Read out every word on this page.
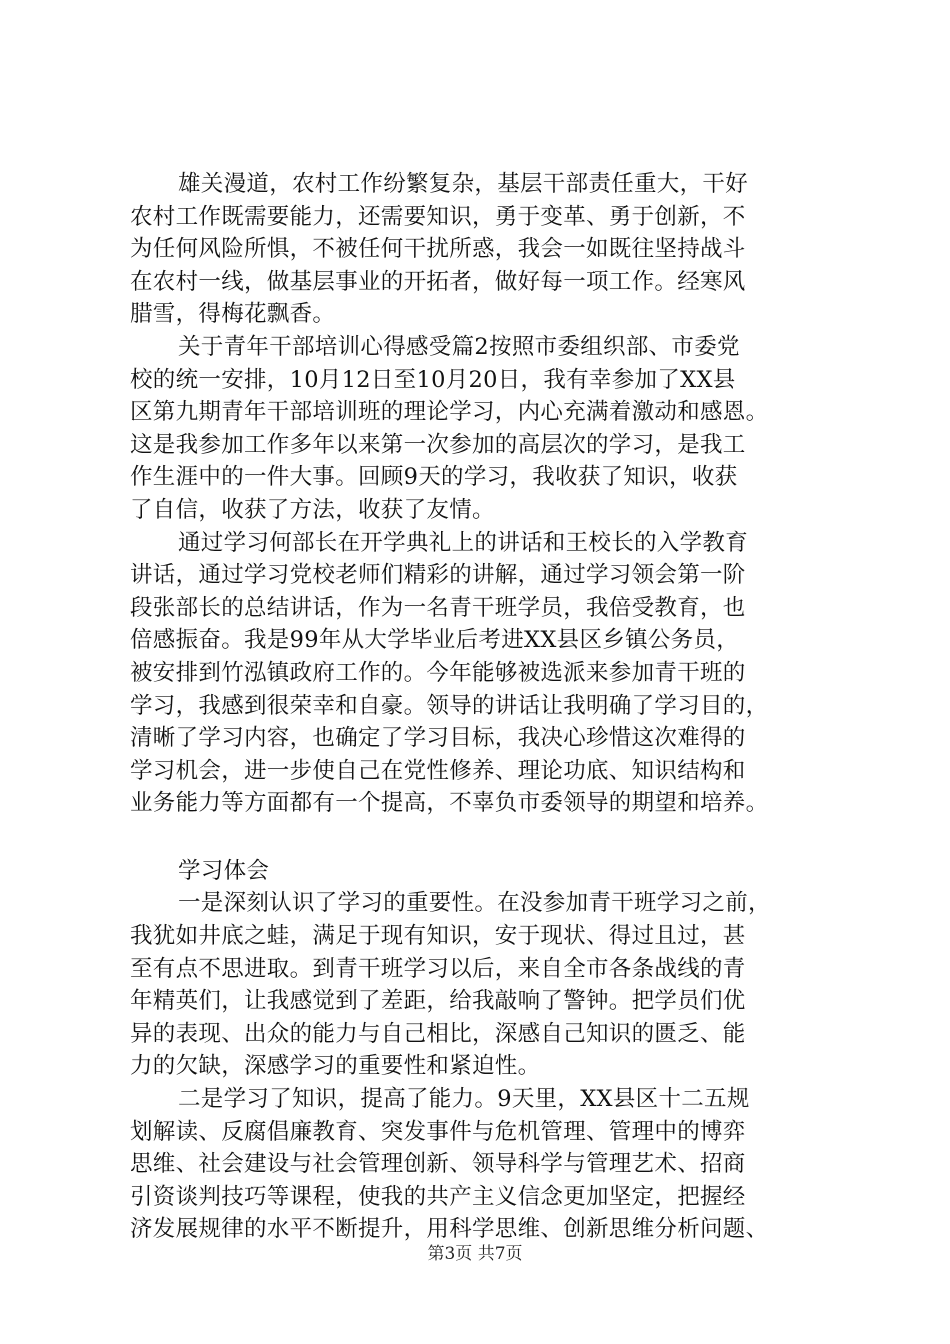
雄关漫道，农村工作纷繁复杂，基层干部责任重大，干好
农村工作既需要能力，还需要知识，勇于变革、勇于创新，不
为任何风险所惧，不被任何干扰所惑，我会一如既往坚持战斗
在农村一线，做基层事业的开拓者，做好每一项工作。经寒风
腊雪，得梅花飘香。

关于青年干部培训心得感受篇2按照市委组织部、市委党
校的统一安排，10月12日至10月20日，我有幸参加了XX县
区第九期青年干部培训班的理论学习，内心充满着激动和感恩。
这是我参加工作多年以来第一次参加的高层次的学习，是我工
作生涯中的一件大事。回顾9天的学习，我收获了知识，收获
了自信，收获了方法，收获了友情。

通过学习何部长在开学典礼上的讲话和王校长的入学教育
讲话，通过学习党校老师们精彩的讲解，通过学习领会第一阶
段张部长的总结讲话，作为一名青干班学员，我倍受教育，也
倍感振奋。我是99年从大学毕业后考进XX县区乡镇公务员，
被安排到竹泓镇政府工作的。今年能够被选派来参加青干班的
学习，我感到很荣幸和自豪。领导的讲话让我明确了学习目的，
清晰了学习内容，也确定了学习目标，我决心珍惜这次难得的
学习机会，进一步使自己在党性修养、理论功底、知识结构和
业务能力等方面都有一个提高，不辜负市委领导的期望和培养。

学习体会

一是深刻认识了学习的重要性。在没参加青干班学习之前，
我犹如井底之蛙，满足于现有知识，安于现状、得过且过，甚
至有点不思进取。到青干班学习以后，来自全市各条战线的青
年精英们，让我感觉到了差距，给我敲响了警钟。把学员们优
异的表现、出众的能力与自己相比，深感自己知识的匮乏、能
力的欠缺，深感学习的重要性和紧迫性。

二是学习了知识，提高了能力。9天里，XX县区十二五规
划解读、反腐倡廉教育、突发事件与危机管理、管理中的博弈
思维、社会建设与社会管理创新、领导科学与管理艺术、招商
引资谈判技巧等课程，使我的共产主义信念更加坚定，把握经
济发展规律的水平不断提升，用科学思维、创新思维分析问题、

第3页 共7页
